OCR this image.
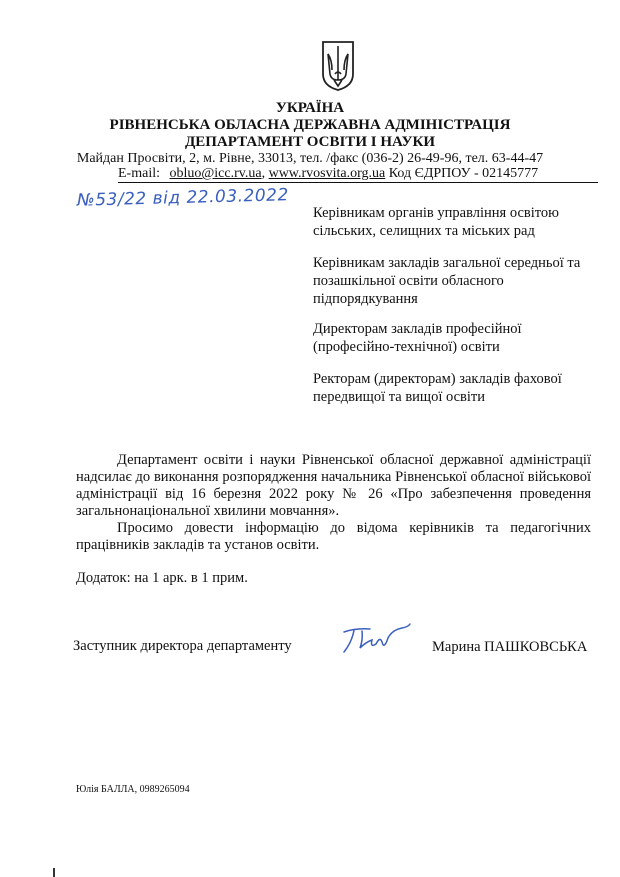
УКРАЇНА
РІВНЕНСЬКА ОБЛАСНА ДЕРЖАВНА АДМІНІСТРАЦІЯ
ДЕПАРТАМЕНТ ОСВІТИ І НАУКИ
Майдан Просвіти, 2, м. Рівне, 33013, тел. /факс (036-2) 26-49-96, тел. 63-44-47
E-mail: obluo@icc.rv.ua, www.rvosvita.org.ua Код ЄДРПОУ - 02145777
№53/22 від 22.03.2022
Керівникам органів управління освітою сільських, селищних та міських рад
Керівникам закладів загальної середньої та позашкільної освіти обласного підпорядкування
Директорам закладів професійної (професійно-технічної) освіти
Ректорам (директорам) закладів фахової передвищої та вищої освіти
Департамент освіти і науки Рівненської обласної державної адміністрації надсилає до виконання розпорядження начальника Рівненської обласної військової адміністрації від 16 березня 2022 року № 26 «Про забезпечення проведення загальнонаціональної хвилини мовчання».
Просимо довести інформацію до відома керівників та педагогічних працівників закладів та установ освіти.
Додаток: на 1 арк. в 1 прим.
Заступник директора департаменту	Марина ПАШКОВСЬКА
Юлія БАЛЛА, 0989265094
